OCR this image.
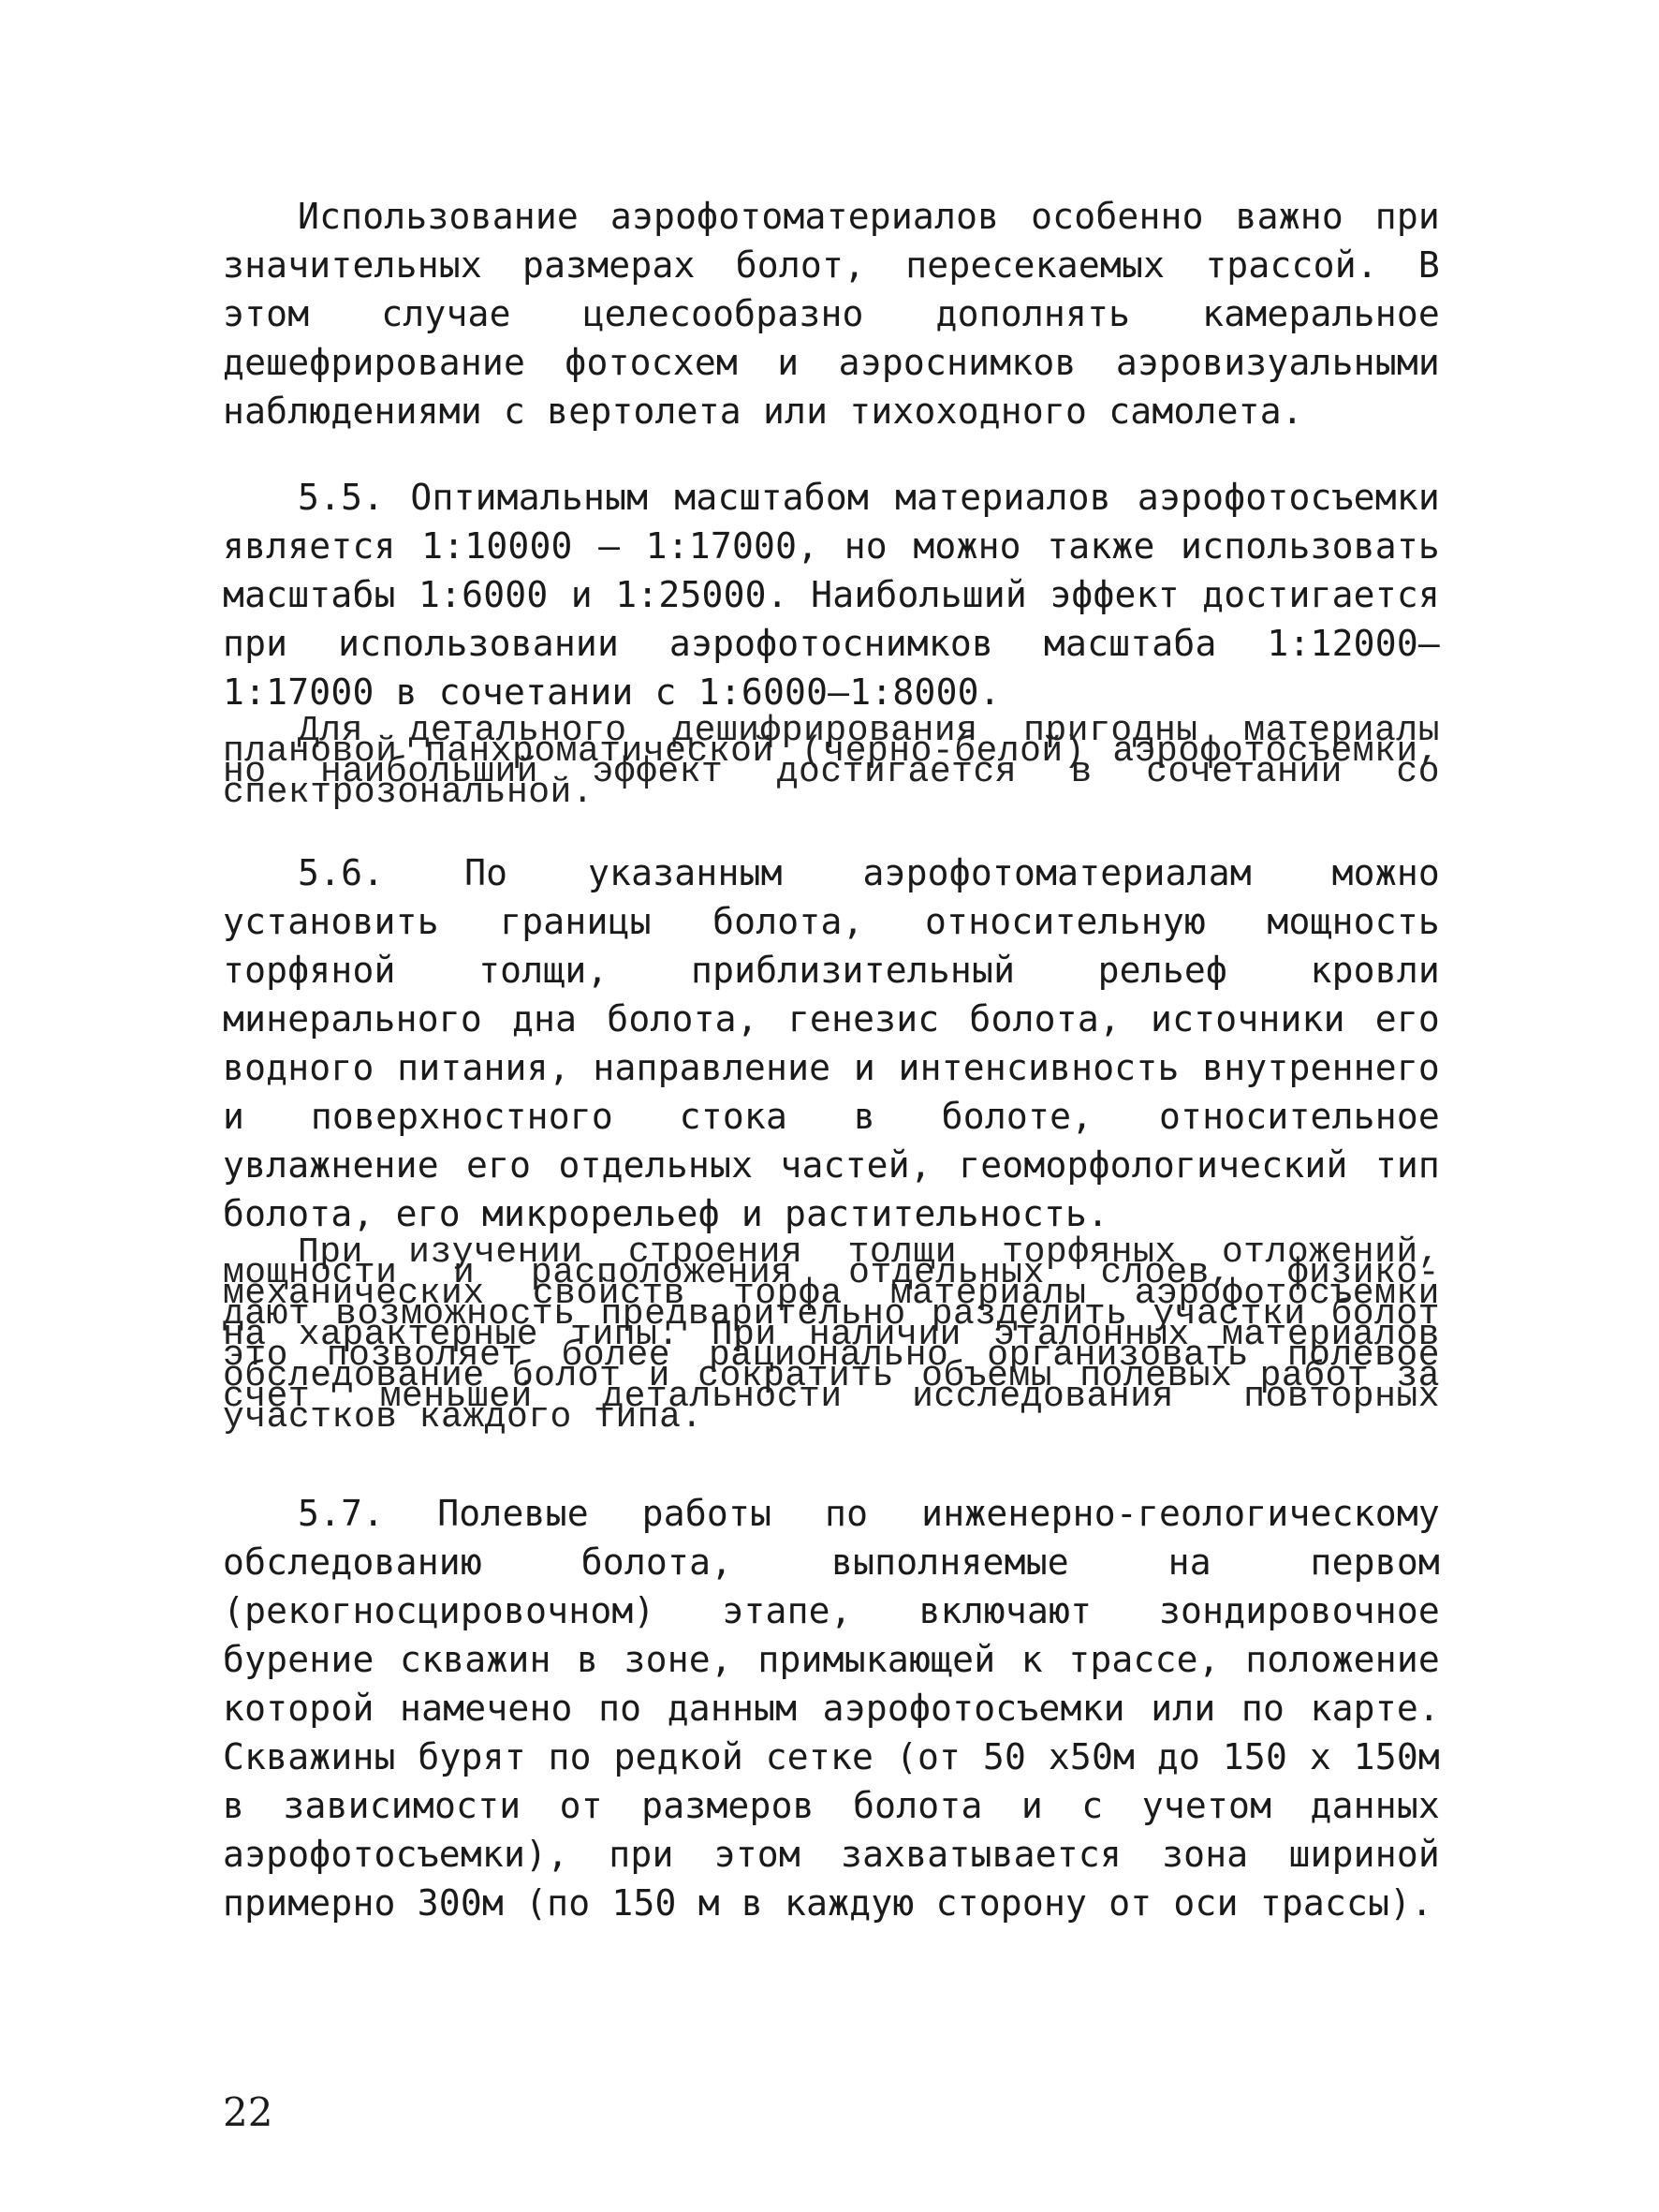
Использование аэрофотоматериалов особенно важно при значительных размерах болот, пересекаемых трассой. В этом случае целесообразно дополнять камеральное дешефрирование фотосхем и аэроснимков аэровизуальными наблюдениями с вертолета или тихоходного самолета.

5.5. Оптимальным масштабом материалов аэрофотосъемки является 1:10000 – 1:17000, но можно также использовать масштабы 1:6000 и 1:25000. Наибольший эффект достигается при использовании аэрофотоснимков масштаба 1:12000–1:17000 в сочетании с 1:6000–1:8000.

Для детального дешифрирования пригодны материалы плановой панхроматической (черно-белой) аэрофотосъемки, но наибольший эффект достигается в сочетании со спектрозональной.

5.6. По указанным аэрофотоматериалам можно установить границы болота, относительную мощность торфяной толщи, приблизительный рельеф кровли минерального дна болота, генезис болота, источники его водного питания, направление и интенсивность внутреннего и поверхностного стока в болоте, относительное увлажнение его отдельных частей, геоморфологический тип болота, его микрорельеф и растительность.

При изучении строения толщи торфяных отложений, мощности и расположения отдельных слоев, физико-механических свойств торфа материалы аэрофотосъемки дают возможность предварительно разделить участки болот на характерные типы. При наличии эталонных материалов это позволяет более рационально организовать полевое обследование болот и сократить объемы полевых работ за счет меньшей детальности исследования повторных участков каждого типа.

5.7. Полевые работы по инженерно-геологическому обследованию болота, выполняемые на первом (рекогносцировочном) этапе, включают зондировочное бурение скважин в зоне, примыкающей к трассе, положение которой намечено по данным аэрофотосъемки или по карте. Скважины бурят по редкой сетке (от 50 х50м до 150 х 150м в зависимости от размеров болота и с учетом данных аэрофотосъемки), при этом захватывается зона шириной примерно 300м (по 150 м в каждую сторону от оси трассы).

22
